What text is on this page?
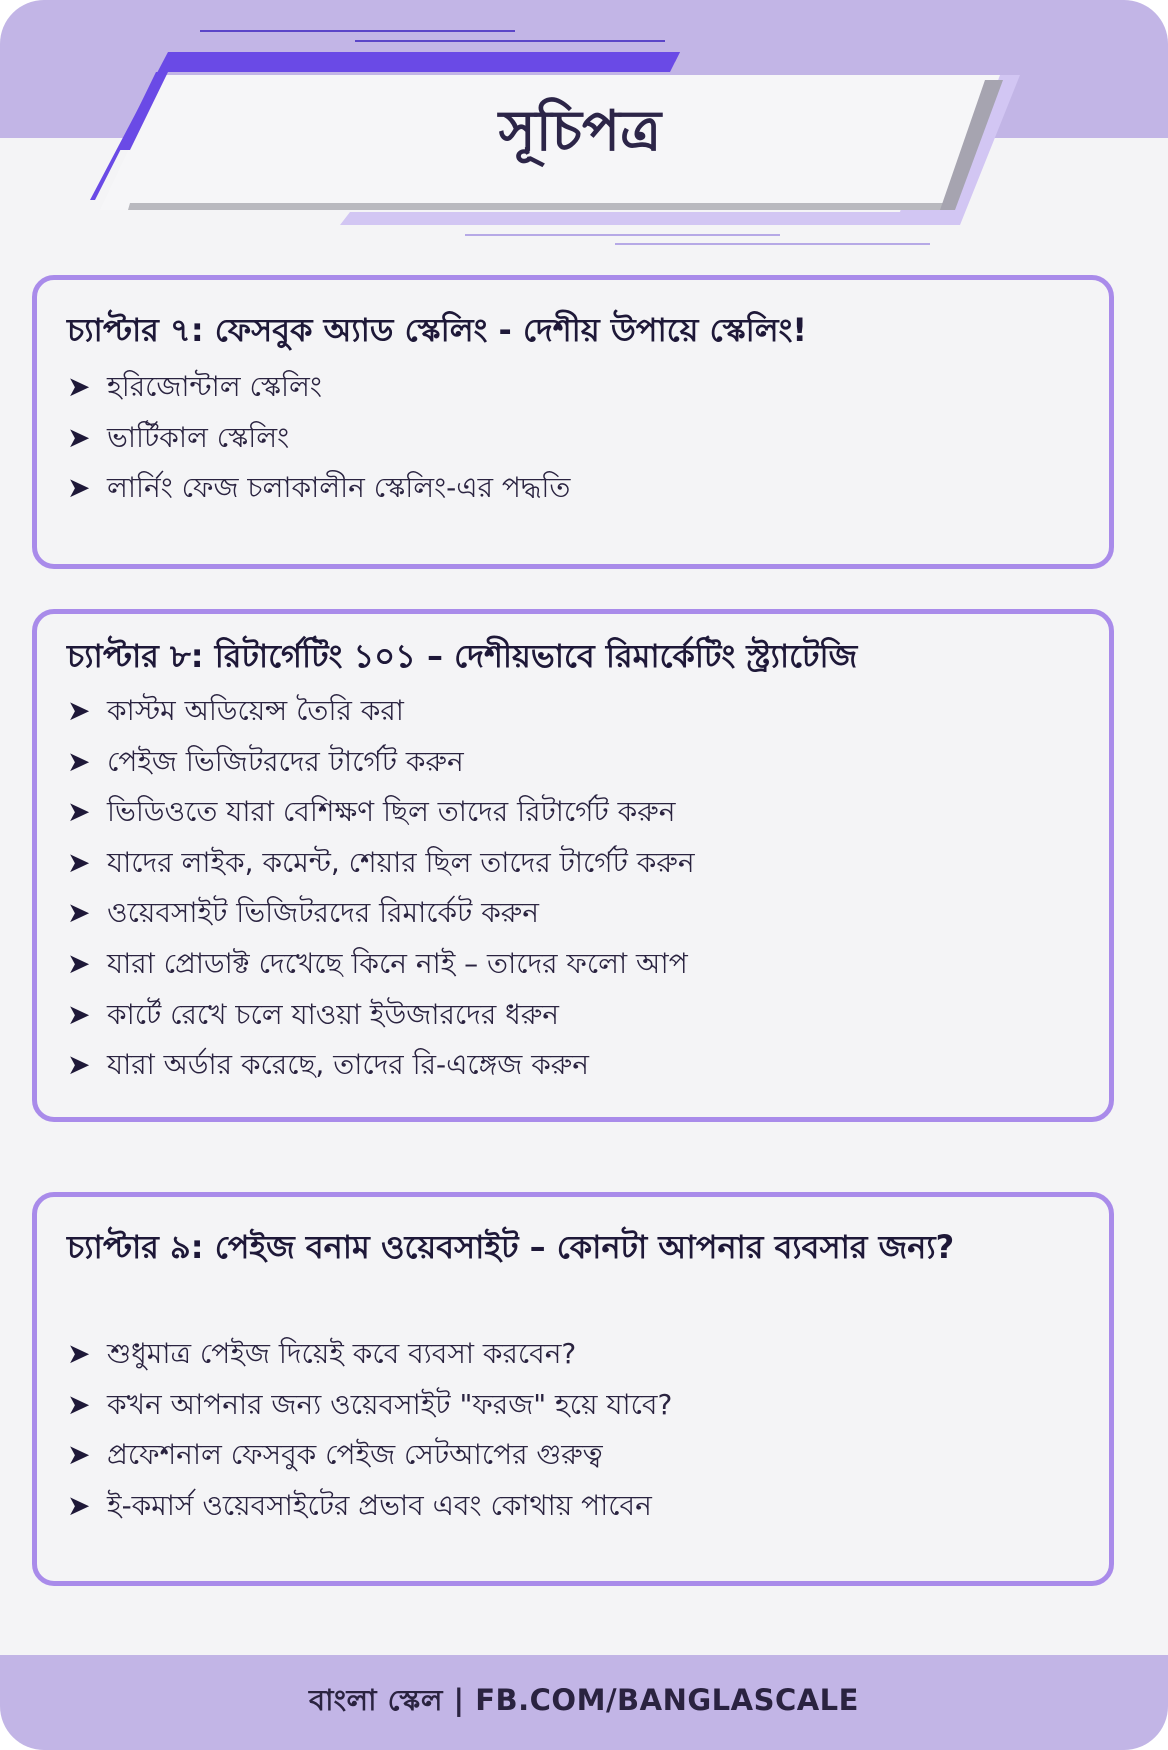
সূচিপত্র
চ্যাপ্টার ৭: ফেসবুক অ্যাড স্কেলিং - দেশীয় উপায়ে স্কেলিং!
➤ হরিজোন্টাল স্কেলিং
➤ ভার্টিকাল স্কেলিং
➤ লার্নিং ফেজ চলাকালীন স্কেলিং-এর পদ্ধতি
চ্যাপ্টার ৮: রিটার্গেটিং ১০১ – দেশীয়ভাবে রিমার্কেটিং স্ট্র্যাটেজি
➤ কাস্টম অডিয়েন্স তৈরি করা
➤ পেইজ ভিজিটরদের টার্গেট করুন
➤ ভিডিওতে যারা বেশিক্ষণ ছিল তাদের রিটার্গেট করুন
➤ যাদের লাইক, কমেন্ট, শেয়ার ছিল তাদের টার্গেট করুন
➤ ওয়েবসাইট ভিজিটরদের রিমার্কেট করুন
➤ যারা প্রোডাক্ট দেখেছে কিনে নাই – তাদের ফলো আপ
➤ কার্টে রেখে চলে যাওয়া ইউজারদের ধরুন
➤ যারা অর্ডার করেছে, তাদের রি-এঙ্গেজ করুন
চ্যাপ্টার ৯: পেইজ বনাম ওয়েবসাইট – কোনটা আপনার ব্যবসার জন্য?
➤ শুধুমাত্র পেইজ দিয়েই কবে ব্যবসা করবেন?
➤ কখন আপনার জন্য ওয়েবসাইট "ফরজ" হয়ে যাবে?
➤ প্রফেশনাল ফেসবুক পেইজ সেটআপের গুরুত্ব
➤ ই-কমার্স ওয়েবসাইটের প্রভাব এবং কোথায় পাবেন
বাংলা স্কেল | FB.COM/BANGLASCALE
